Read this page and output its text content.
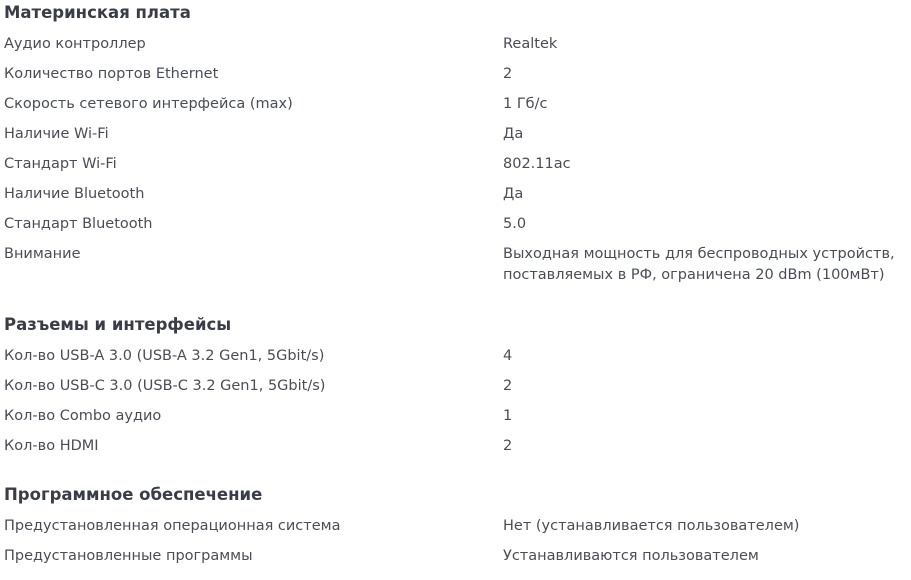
Материнская плата
Аудио контроллер	Realtek
Количество портов Ethernet	2
Скорость сетевого интерфейса (max)	1 Гб/с
Наличие Wi-Fi	Да
Стандарт Wi-Fi	802.11ac
Наличие Bluetooth	Да
Стандарт Bluetooth	5.0
Внимание	Выходная мощность для беспроводных устройств, поставляемых в РФ, ограничена 20 dBm (100мВт)
Разъемы и интерфейсы
Кол-во USB-A 3.0 (USB-A 3.2 Gen1, 5Gbit/s)	4
Кол-во USB-C 3.0 (USB-C 3.2 Gen1, 5Gbit/s)	2
Кол-во Combo аудио	1
Кол-во HDMI	2
Программное обеспечение
Предустановленная операционная система	Нет (устанавливается пользователем)
Предустановленные программы	Устанавливаются пользователем
